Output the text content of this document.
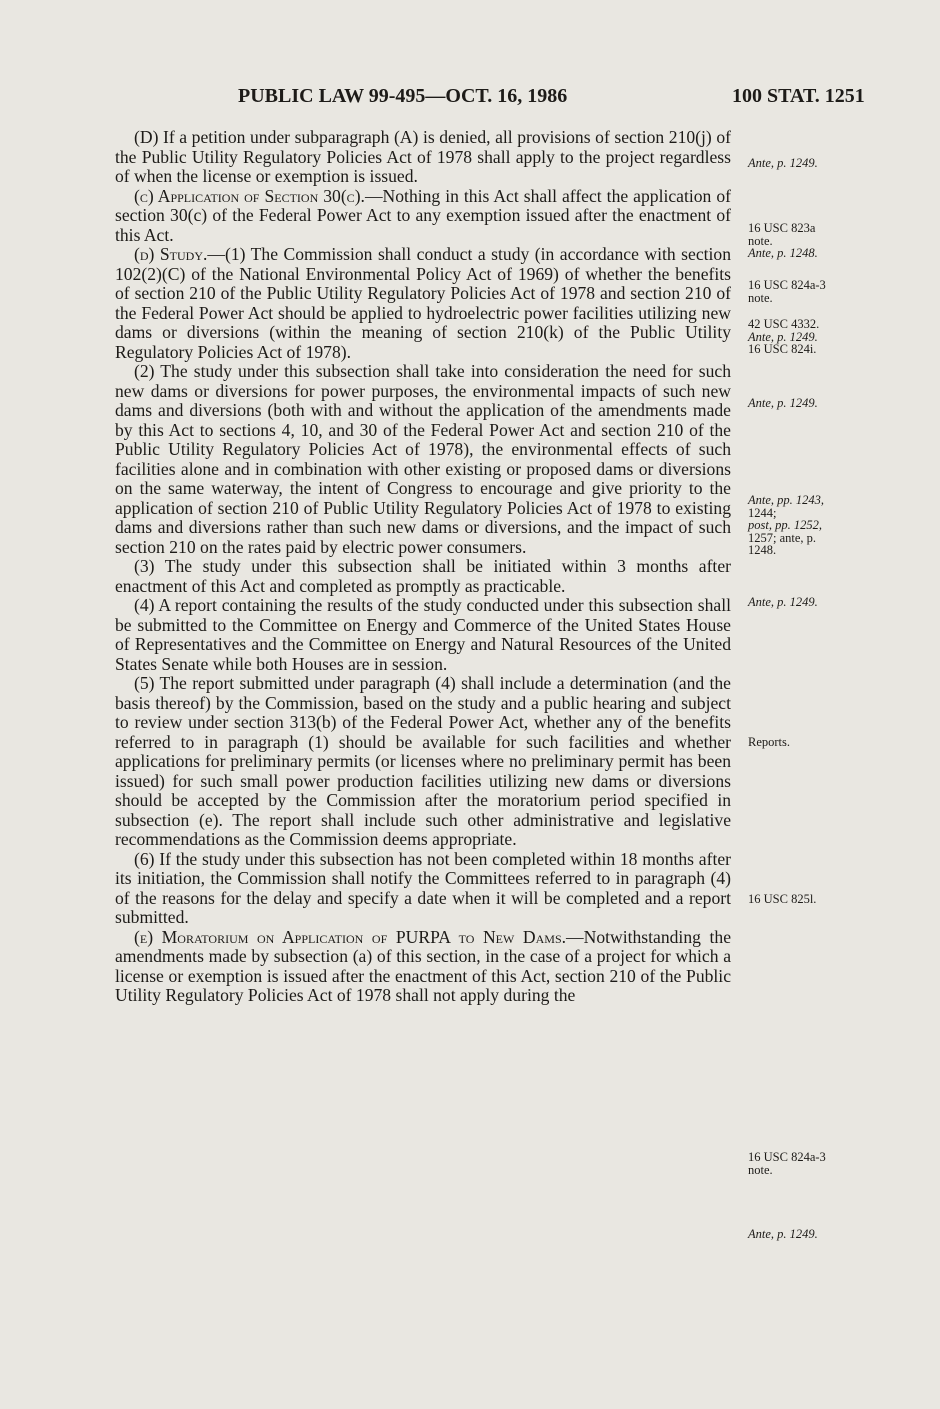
PUBLIC LAW 99-495—OCT. 16, 1986	100 STAT. 1251

(D) If a petition under subparagraph (A) is denied, all provisions of section 210(j) of the Public Utility Regulatory Policies Act of 1978 shall apply to the project regardless of when the license or exemption is issued.

(c) Application of Section 30(c).—Nothing in this Act shall affect the application of section 30(c) of the Federal Power Act to any exemption issued after the enactment of this Act.

(d) Study.—(1) The Commission shall conduct a study (in accordance with section 102(2)(C) of the National Environmental Policy Act of 1969) of whether the benefits of section 210 of the Public Utility Regulatory Policies Act of 1978 and section 210 of the Federal Power Act should be applied to hydroelectric power facilities utilizing new dams or diversions (within the meaning of section 210(k) of the Public Utility Regulatory Policies Act of 1978).

(2) The study under this subsection shall take into consideration the need for such new dams or diversions for power purposes, the environmental impacts of such new dams and diversions (both with and without the application of the amendments made by this Act to sections 4, 10, and 30 of the Federal Power Act and section 210 of the Public Utility Regulatory Policies Act of 1978), the environmental effects of such facilities alone and in combination with other existing or proposed dams or diversions on the same waterway, the intent of Congress to encourage and give priority to the application of section 210 of Public Utility Regulatory Policies Act of 1978 to existing dams and diversions rather than such new dams or diversions, and the impact of such section 210 on the rates paid by electric power consumers.

(3) The study under this subsection shall be initiated within 3 months after enactment of this Act and completed as promptly as practicable.

(4) A report containing the results of the study conducted under this subsection shall be submitted to the Committee on Energy and Commerce of the United States House of Representatives and the Committee on Energy and Natural Resources of the United States Senate while both Houses are in session.

(5) The report submitted under paragraph (4) shall include a determination (and the basis thereof) by the Commission, based on the study and a public hearing and subject to review under section 313(b) of the Federal Power Act, whether any of the benefits referred to in paragraph (1) should be available for such facilities and whether applications for preliminary permits (or licenses where no preliminary permit has been issued) for such small power production facilities utilizing new dams or diversions should be accepted by the Commission after the moratorium period specified in subsection (e). The report shall include such other administrative and legislative recommendations as the Commission deems appropriate.

(6) If the study under this subsection has not been completed within 18 months after its initiation, the Commission shall notify the Committees referred to in paragraph (4) of the reasons for the delay and specify a date when it will be completed and a report submitted.

(e) Moratorium on Application of PURPA to New Dams.—Notwithstanding the amendments made by subsection (a) of this section, in the case of a project for which a license or exemption is issued after the enactment of this Act, section 210 of the Public Utility Regulatory Policies Act of 1978 shall not apply during the

Ante, p. 1249.
16 USC 823a
note.
Ante, p. 1248.
16 USC 824a-3
note.
42 USC 4332.
Ante, p. 1249.
16 USC 824i.
Ante, p. 1249.
Ante, pp. 1243,
1244;
post, pp. 1252,
1257; ante, p.
1248.
Ante, p. 1249.
Reports.
16 USC 825l.
16 USC 824a-3
note.
Ante, p. 1249.
